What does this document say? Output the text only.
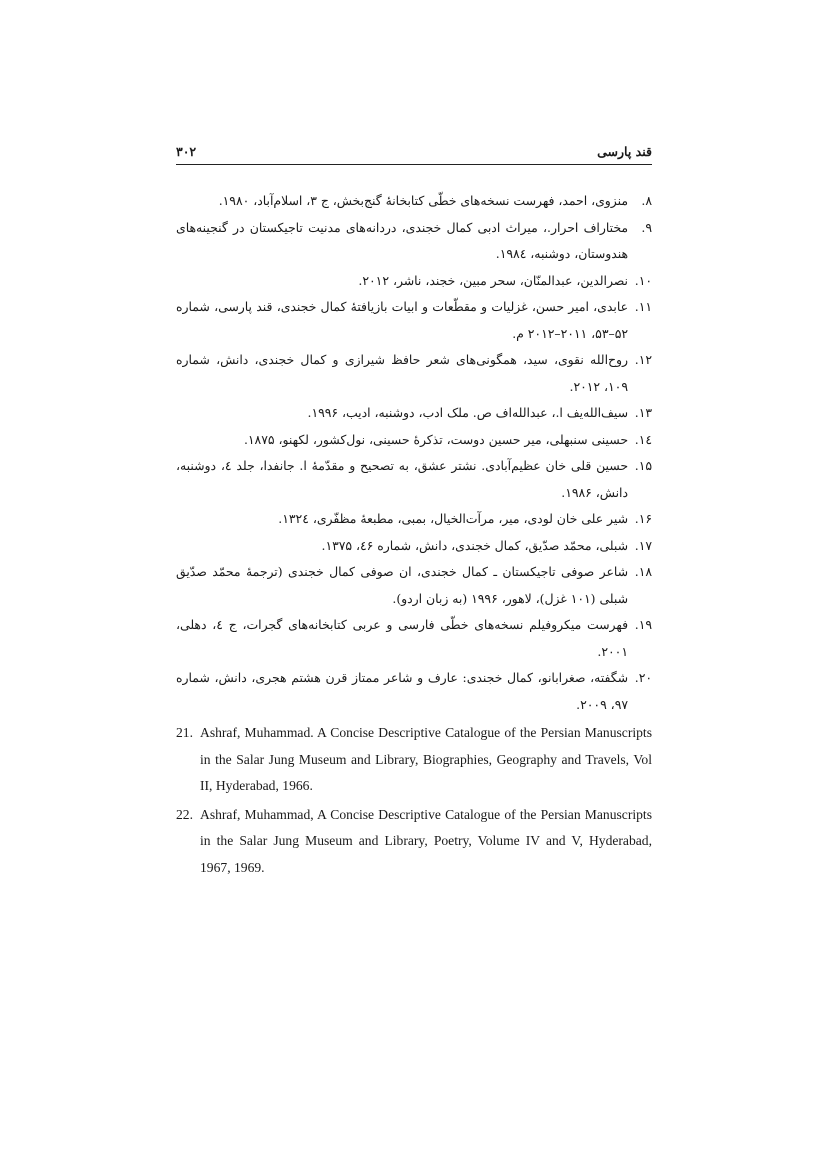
قند پارسی
۳۰۲
۸.
منزوی، احمد، فهرست نسخه‌های خطّی کتابخانهٔ گنج‌بخش، ج ۳، اسلام‌آباد، ۱۹۸۰.
۹.
مختاراف احرار.، میراث ادبی کمال خجندی، دردانه‌های مدنیت تاجیکستان در گنجینه‌های هندوستان، دوشنبه، ۱۹۸٤.
۱۰.
نصرالدین، عبدالمنّان، سحر مبین، خجند، ناشر، ۲۰۱۲.
۱۱.
عابدی، امیر حسن، غزلیات و مقطّعات و ابیات بازیافتهٔ کمال خجندی، قند پارسی، شماره ۵۲–۵۳، ۲۰۱۱–۲۰۱۲ م.
۱۲.
روح‌الله نقوی، سید، همگونی‌های شعر حافظ شیرازی و کمال خجندی، دانش، شماره ۱۰۹، ۲۰۱۲.
۱۳.
سیف‌الله‌یف ا.، عبدالله‌اف ص. ملک ادب، دوشنبه، ادیب، ۱۹۹۶.
۱٤.
حسینی سنبهلی، میر حسین دوست، تذکرهٔ حسینی، نول‌کشور، لکهنو، ۱۸۷۵.
۱۵.
حسین قلی خان عظیم‌آبادی. نشتر عشق، به تصحیح و مقدّمهٔ ا. جانفدا، جلد ٤، دوشنبه، دانش، ۱۹۸۶.
۱۶.
شیر علی خان لودی، میر، مرآت‌الخیال، بمبی، مطبعهٔ مظفّری، ۱۳۲٤.
۱۷.
شبلی، محمّد صدّیق، کمال خجندی، دانش، شماره ٤۶، ۱۳۷۵.
۱۸.
شاعر صوفی تاجیکستان ـ کمال خجندی، ان صوفی کمال خجندی (ترجمهٔ محمّد صدّیق شبلی (۱۰۱ غزل)، لاهور، ۱۹۹۶ (به زبان اردو).
۱۹.
فهرست میکروفیلم نسخه‌های خطّی فارسی و عربی کتابخانه‌های گجرات، ج ٤، دهلی، ۲۰۰۱.
۲۰.
شگفته، صغرابانو، کمال خجندی: عارف و شاعر ممتاز قرن هشتم هجری، دانش، شماره ۹۷، ۲۰۰۹.
21. Ashraf, Muhammad. A Concise Descriptive Catalogue of the Persian Manuscripts in the Salar Jung Museum and Library, Biographies, Geography and Travels, Vol II, Hyderabad, 1966.
22. Ashraf, Muhammad, A Concise Descriptive Catalogue of the Persian Manuscripts in the Salar Jung Museum and Library, Poetry, Volume IV and V, Hyderabad, 1967, 1969.
